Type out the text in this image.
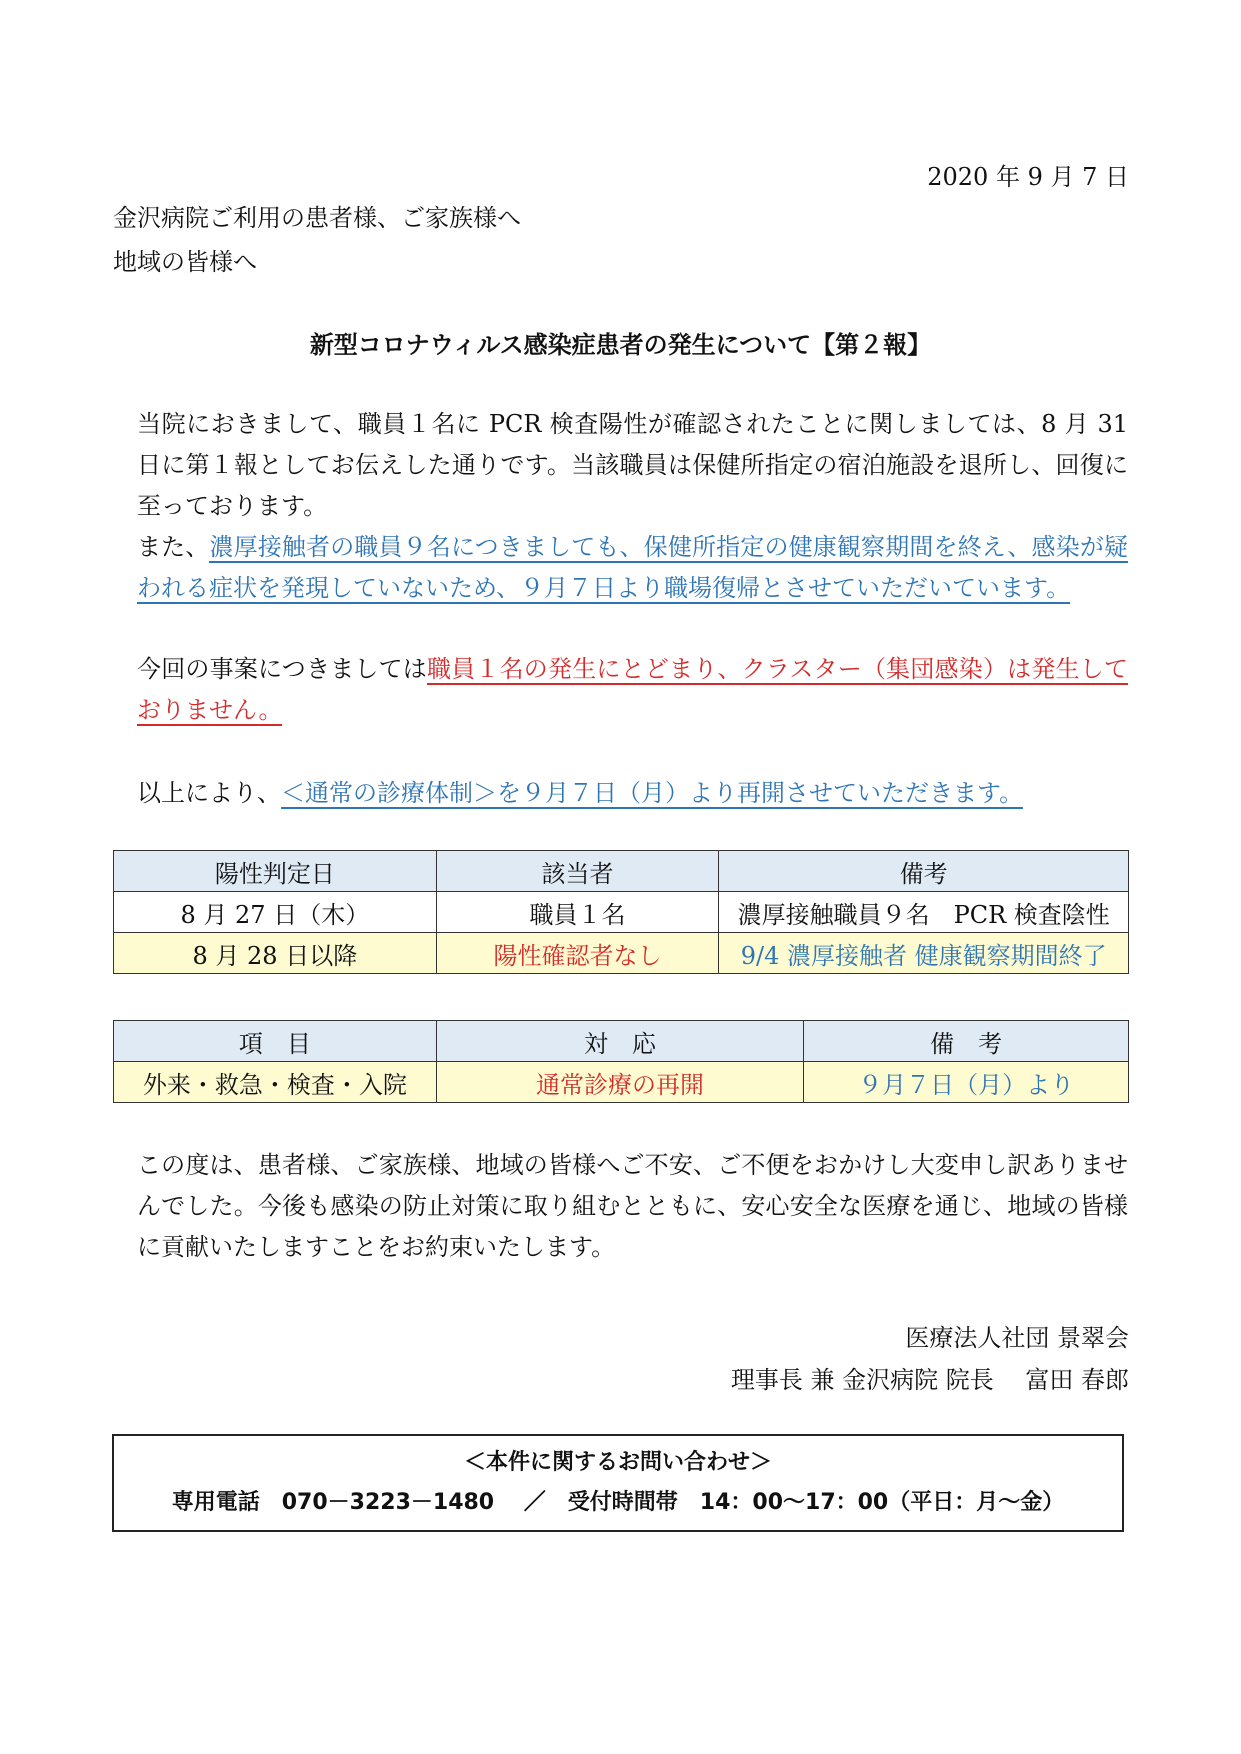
2020 年 9 月 7 日
金沢病院ご利用の患者様、ご家族様へ
地域の皆様へ
新型コロナウィルス感染症患者の発生について【第２報】

当院におきまして、職員１名に PCR 検査陽性が確認されたことに関しましては、8 月 31 日に第１報としてお伝えした通りです。当該職員は保健所指定の宿泊施設を退所し、回復に至っております。

また、濃厚接触者の職員９名につきましても、保健所指定の健康観察期間を終え、感染が疑われる症状を発現していないため、９月７日より職場復帰とさせていただいています。

今回の事案につきましては職員１名の発生にとどまり、クラスター（集団感染）は発生しておりません。

以上により、＜通常の診療体制＞を９月７日（月）より再開させていただきます。

陽性判定日	該当者	備考
8 月 27 日（木）	職員１名	濃厚接触職員９名　PCR 検査陰性
8 月 28 日以降	陽性確認者なし	9/4 濃厚接触者 健康観察期間終了
項　目	対　応	備　考
外来・救急・検査・入院	通常診療の再開	９月７日（月）より

この度は、患者様、ご家族様、地域の皆様へご不安、ご不便をおかけし大変申し訳ありませんでした。今後も感染の防止対策に取り組むとともに、安心安全な医療を通じ、地域の皆様に貢献いたしますことをお約束いたします。

医療法人社団 景翠会
理事長 兼 金沢病院 院長　 富田 春郎
＜本件に関するお問い合わせ＞
専用電話　070－3223－1480　 ／　受付時間帯　14：00～17：00（平日：月～金）
